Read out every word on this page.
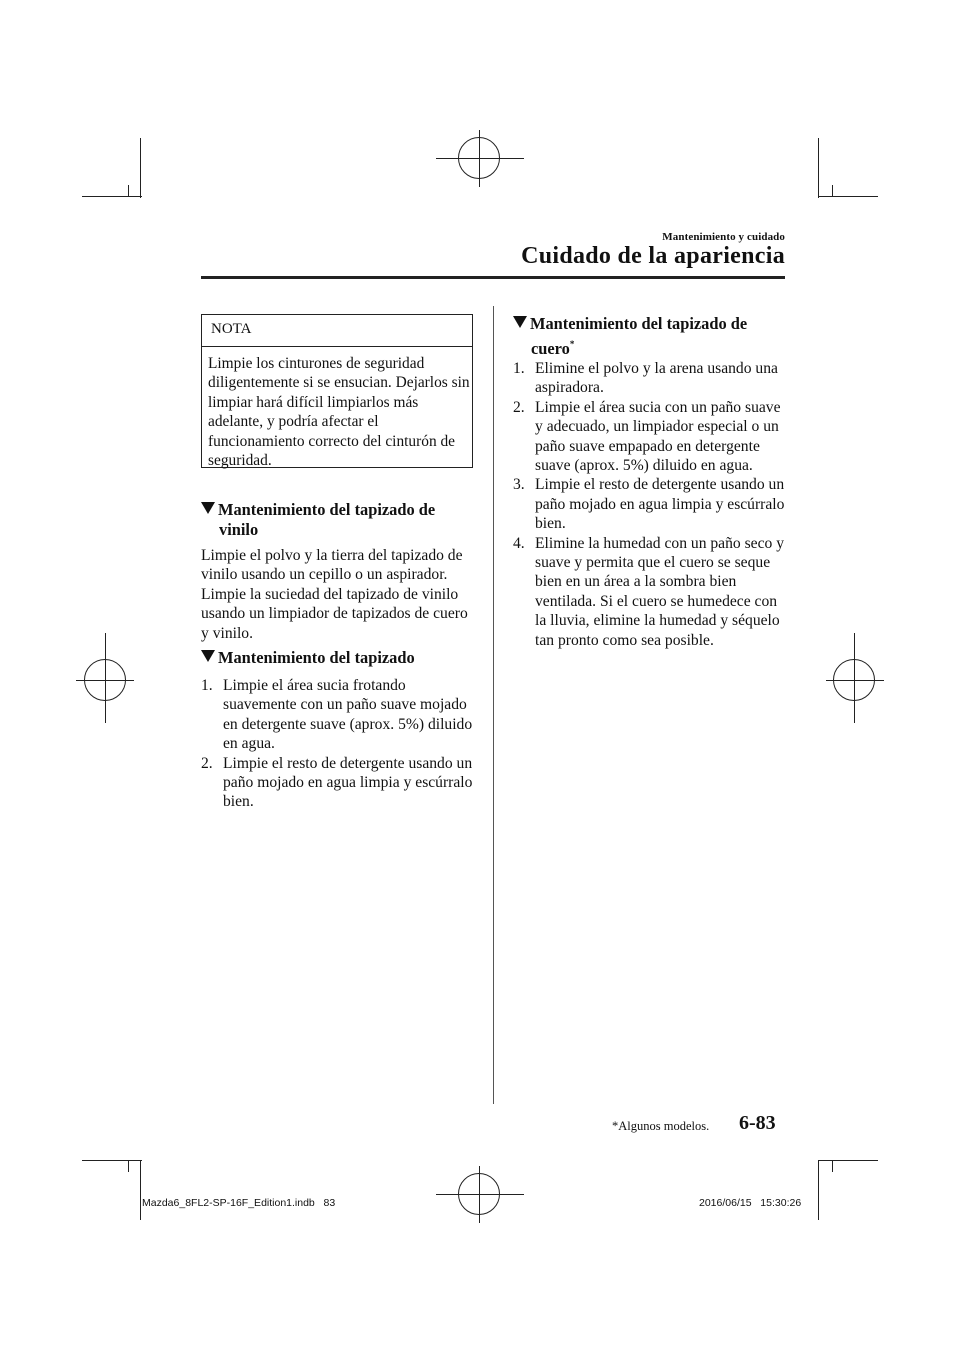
Mantenimiento y cuidado
Cuidado de la apariencia
NOTA
Limpie los cinturones de seguridad diligentemente si se ensucian. Dejarlos sin limpiar hará difícil limpiarlos más adelante, y podría afectar el funcionamiento correcto del cinturón de seguridad.
Mantenimiento del tapizado de
vinilo
Limpie el polvo y la tierra del tapizado de vinilo usando un cepillo o un aspirador. Limpie la suciedad del tapizado de vinilo usando un limpiador de tapizados de cuero y vinilo.
Mantenimiento del tapizado
1. Limpie el área sucia frotando suavemente con un paño suave mojado en detergente suave (aprox. 5%) diluido en agua.
2. Limpie el resto de detergente usando un paño mojado en agua limpia y escúrralo bien.
Mantenimiento del tapizado de
cuero*
1. Elimine el polvo y la arena usando una aspiradora.
2. Limpie el área sucia con un paño suave y adecuado, un limpiador especial o un paño suave empapado en detergente suave (aprox. 5%) diluido en agua.
3. Limpie el resto de detergente usando un paño mojado en agua limpia y escúrralo bien.
4. Elimine la humedad con un paño seco y suave y permita que el cuero se seque bien en un área a la sombra bien ventilada. Si el cuero se humedece con la lluvia, elimine la humedad y séquelo tan pronto como sea posible.
*Algunos modelos. 6-83
Mazda6_8FL2-SP-16F_Edition1.indb   83	2016/06/15   15:30:26
